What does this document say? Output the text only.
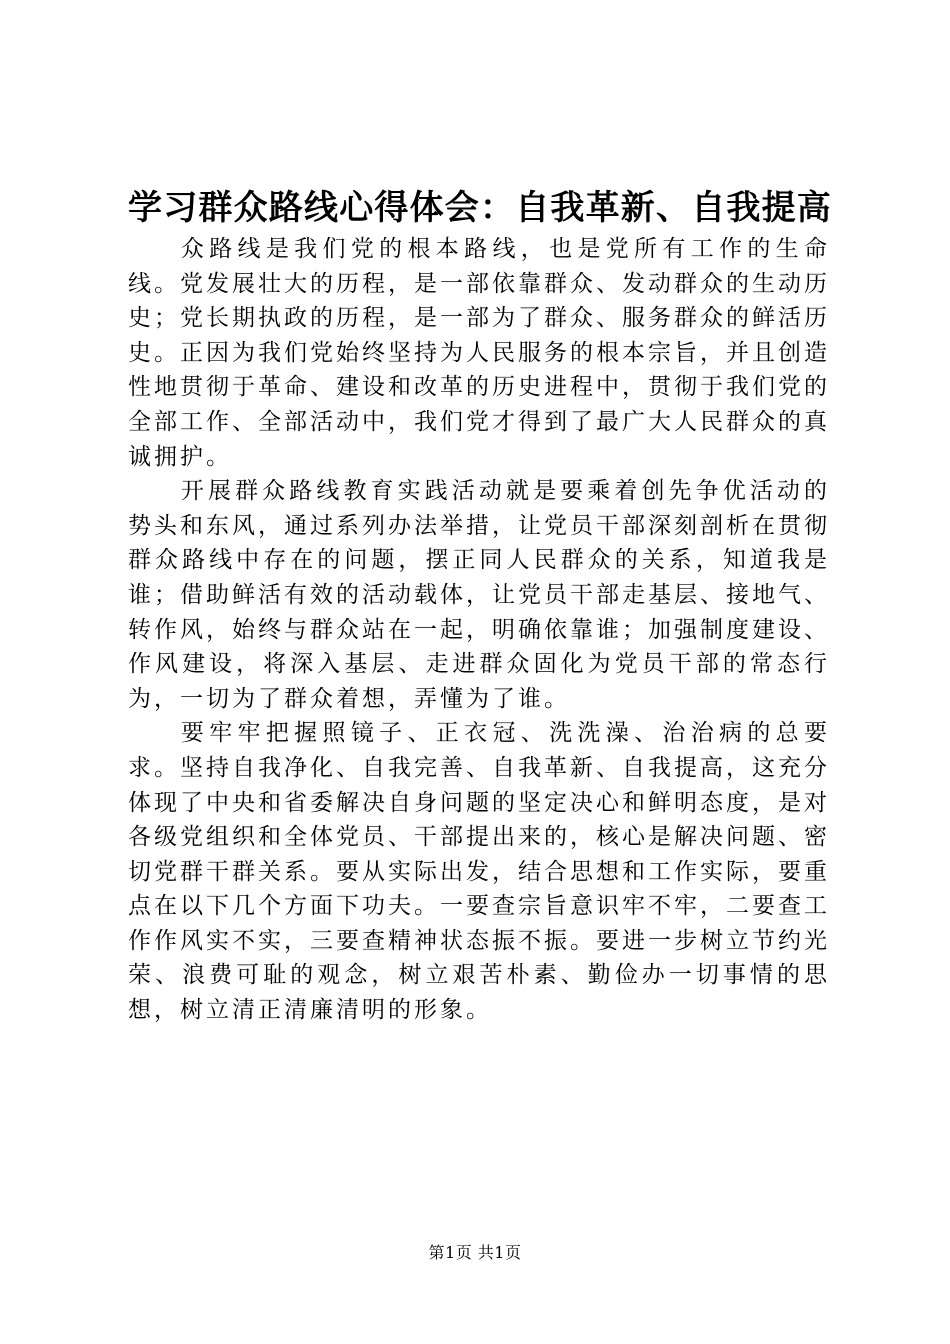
学习群众路线心得体会：自我革新、自我提高

众路线是我们党的根本路线，也是党所有工作的生命线。党发展壮大的历程，是一部依靠群众、发动群众的生动历史；党长期执政的历程，是一部为了群众、服务群众的鲜活历史。正因为我们党始终坚持为人民服务的根本宗旨，并且创造性地贯彻于革命、建设和改革的历史进程中，贯彻于我们党的全部工作、全部活动中，我们党才得到了最广大人民群众的真诚拥护。

开展群众路线教育实践活动就是要乘着创先争优活动的势头和东风，通过系列办法举措，让党员干部深刻剖析在贯彻群众路线中存在的问题，摆正同人民群众的关系，知道我是谁；借助鲜活有效的活动载体，让党员干部走基层、接地气、转作风，始终与群众站在一起，明确依靠谁；加强制度建设、作风建设，将深入基层、走进群众固化为党员干部的常态行为，一切为了群众着想，弄懂为了谁。

要牢牢把握照镜子、正衣冠、洗洗澡、治治病的总要求。坚持自我净化、自我完善、自我革新、自我提高，这充分体现了中央和省委解决自身问题的坚定决心和鲜明态度，是对各级党组织和全体党员、干部提出来的，核心是解决问题、密切党群干群关系。要从实际出发，结合思想和工作实际，要重点在以下几个方面下功夫。一要查宗旨意识牢不牢，二要查工作作风实不实，三要查精神状态振不振。要进一步树立节约光荣、浪费可耻的观念，树立艰苦朴素、勤俭办一切事情的思想，树立清正清廉清明的形象。

第1页 共1页
